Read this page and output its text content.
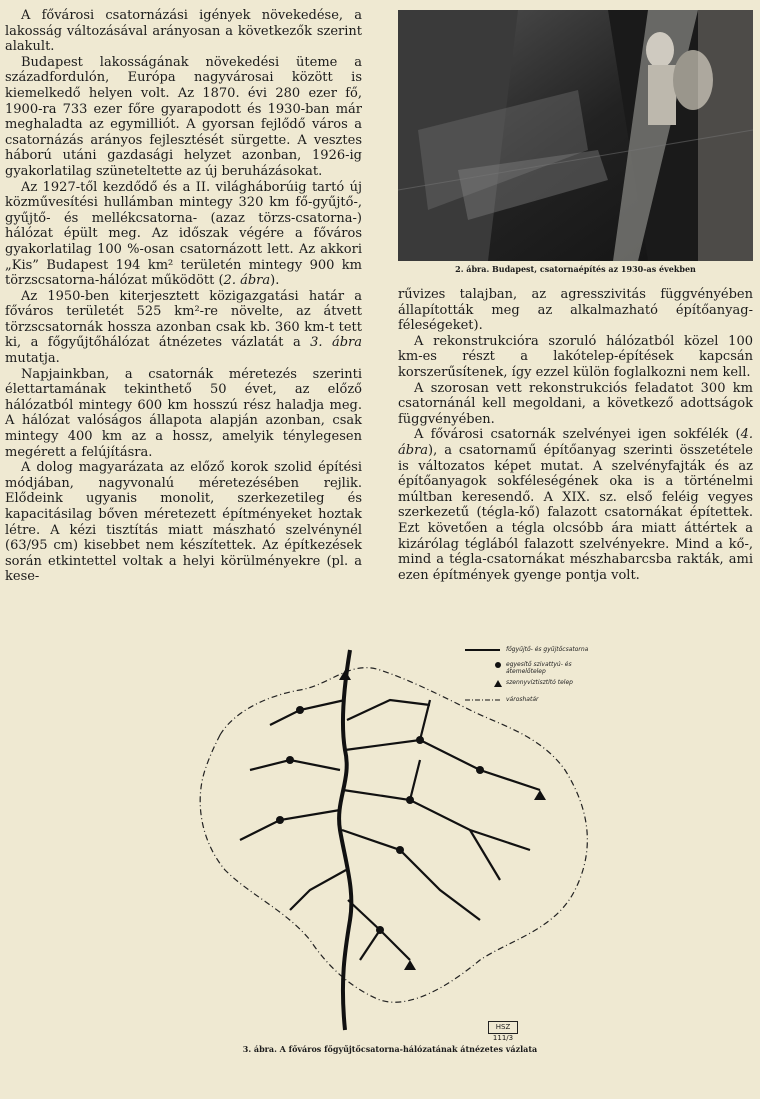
A fővárosi csatornázási igények növekedése, a lakosság változásával arányosan a következők szerint alakult.

Budapest lakosságának növekedési üteme a századfordulón, Európa nagyvárosai között is kiemelkedő helyen volt. Az 1870. évi 280 ezer fő, 1900-ra 733 ezer főre gyarapodott és 1930-ban már meghaladta az egymilliót. A gyorsan fejlődő város a csatornázás arányos fejlesztését sürgette. A vesztes háború utáni gazdasági helyzet azonban, 1926-ig gyakorlatilag szüneteltette az új beruházásokat.

Az 1927-től kezdődő és a II. világháborúig tartó új közművesítési hullámban mintegy 320 km fő-gyűjtő-, gyűjtő- és mellékcsatorna- (azaz törzs-csatorna-) hálózat épült meg. Az időszak végére a főváros gyakorlatilag 100 %-osan csatornázott lett. Az akkori „Kis” Budapest 194 km² területén mintegy 900 km törzscsatorna-hálózat működött (2. ábra).

Az 1950-ben kiterjesztett közigazgatási határ a főváros területét 525 km²-re növelte, az átvett törzscsatornák hossza azonban csak kb. 360 km-t tett ki, a főgyűjtőhálózat átnézetes vázlatát a 3. ábra mutatja.

Napjainkban, a csatornák méretezés szerinti élettartamának tekinthető 50 évet, az előző hálózatból mintegy 600 km hosszú rész haladja meg. A hálózat valóságos állapota alapján azonban, csak mintegy 400 km az a hossz, amelyik ténylegesen megérett a felújításra.

A dolog magyarázata az előző korok szolid építési módjában, nagyvonalú méretezésében rejlik. Elődeink ugyanis monolit, szerkezetileg és kapacitásilag bőven méretezett építményeket hoztak létre. A kézi tisztítás miatt mászható szelvénynél (63/95 cm) kisebbet nem készítettek. Az építkezések során etkintettel voltak a helyi körülményekre (pl. a kese-

2. ábra. Budapest, csatornaépítés az 1930-as években

rűvizes talajban, az agresszivitás függvényében állapították meg az alkalmazható építőanyag-féleségeket).

A rekonstrukcióra szoruló hálózatból közel 100 km-es részt a lakótelep-építések kapcsán korszerűsítenek, így ezzel külön foglalkozni nem kell.

A szorosan vett rekonstrukciós feladatot 300 km csatornánál kell megoldani, a következő adottságok függvényében.

A fővárosi csatornák szelvényei igen sokfélék (4. ábra), a csatornamű építőanyag szerinti összetétele is változatos képet mutat. A szelvényfajták és az építőanyagok sokféleségének oka is a történelmi múltban keresendő. A XIX. sz. első feléig vegyes szerkezetű (tégla-kő) falazott csatornákat építettek. Ezt követően a tégla olcsóbb ára miatt áttértek a kizárólag téglából falazott szelvényekre. Mind a kő-, mind a tégla-csatornákat mészhabarcsba rakták, ami ezen építmények gyenge pontja volt.

főgyűjtő- és gyűjtőcsatorna
egyesítő szivattyú- és átemelőtelep
szennyvíztisztító telep
városhatár
HSZ 111/3
3. ábra. A főváros főgyűjtőcsatorna-hálózatának átnézetes vázlata
